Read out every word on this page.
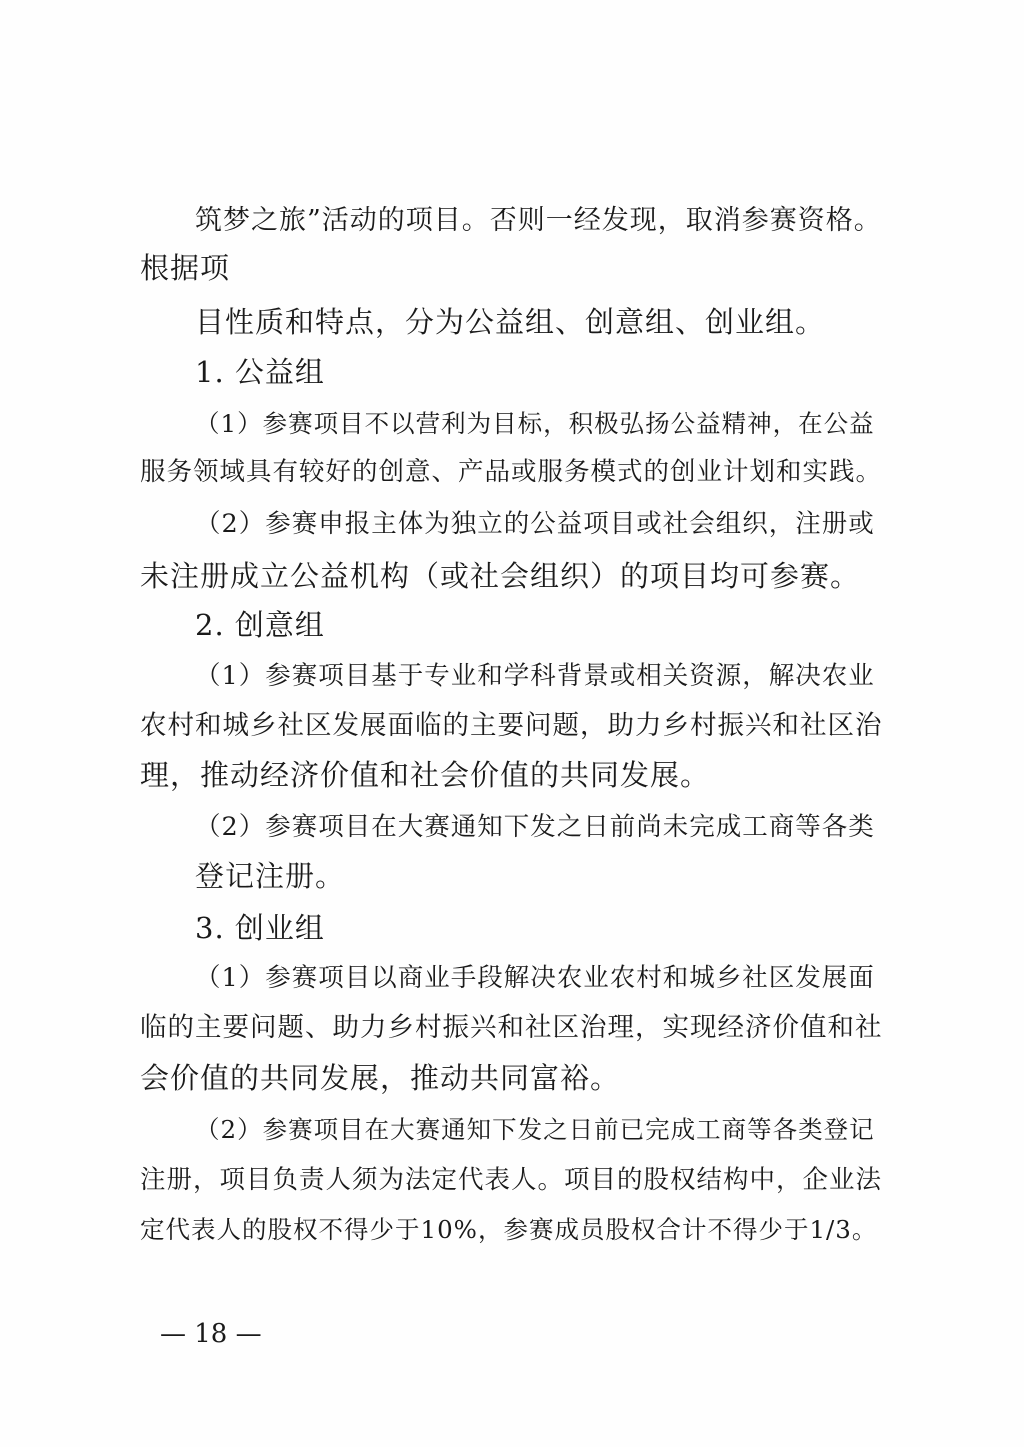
筑梦之旅”活动的项目。否则一经发现，取消参赛资格。
根据项
目性质和特点，分为公益组、创意组、创业组。
1. 公益组
（1）参赛项目不以营利为目标，积极弘扬公益精神，在公益
服务领域具有较好的创意、产品或服务模式的创业计划和实践。
（2）参赛申报主体为独立的公益项目或社会组织，注册或
未注册成立公益机构（或社会组织）的项目均可参赛。
2. 创意组
（1）参赛项目基于专业和学科背景或相关资源，解决农业
农村和城乡社区发展面临的主要问题，助力乡村振兴和社区治
理，推动经济价值和社会价值的共同发展。
（2）参赛项目在大赛通知下发之日前尚未完成工商等各类
登记注册。
3. 创业组
（1）参赛项目以商业手段解决农业农村和城乡社区发展面
临的主要问题、助力乡村振兴和社区治理，实现经济价值和社
会价值的共同发展，推动共同富裕。
（2）参赛项目在大赛通知下发之日前已完成工商等各类登记
注册，项目负责人须为法定代表人。项目的股权结构中，企业法
定代表人的股权不得少于10%，参赛成员股权合计不得少于1/3。
— 18 —
